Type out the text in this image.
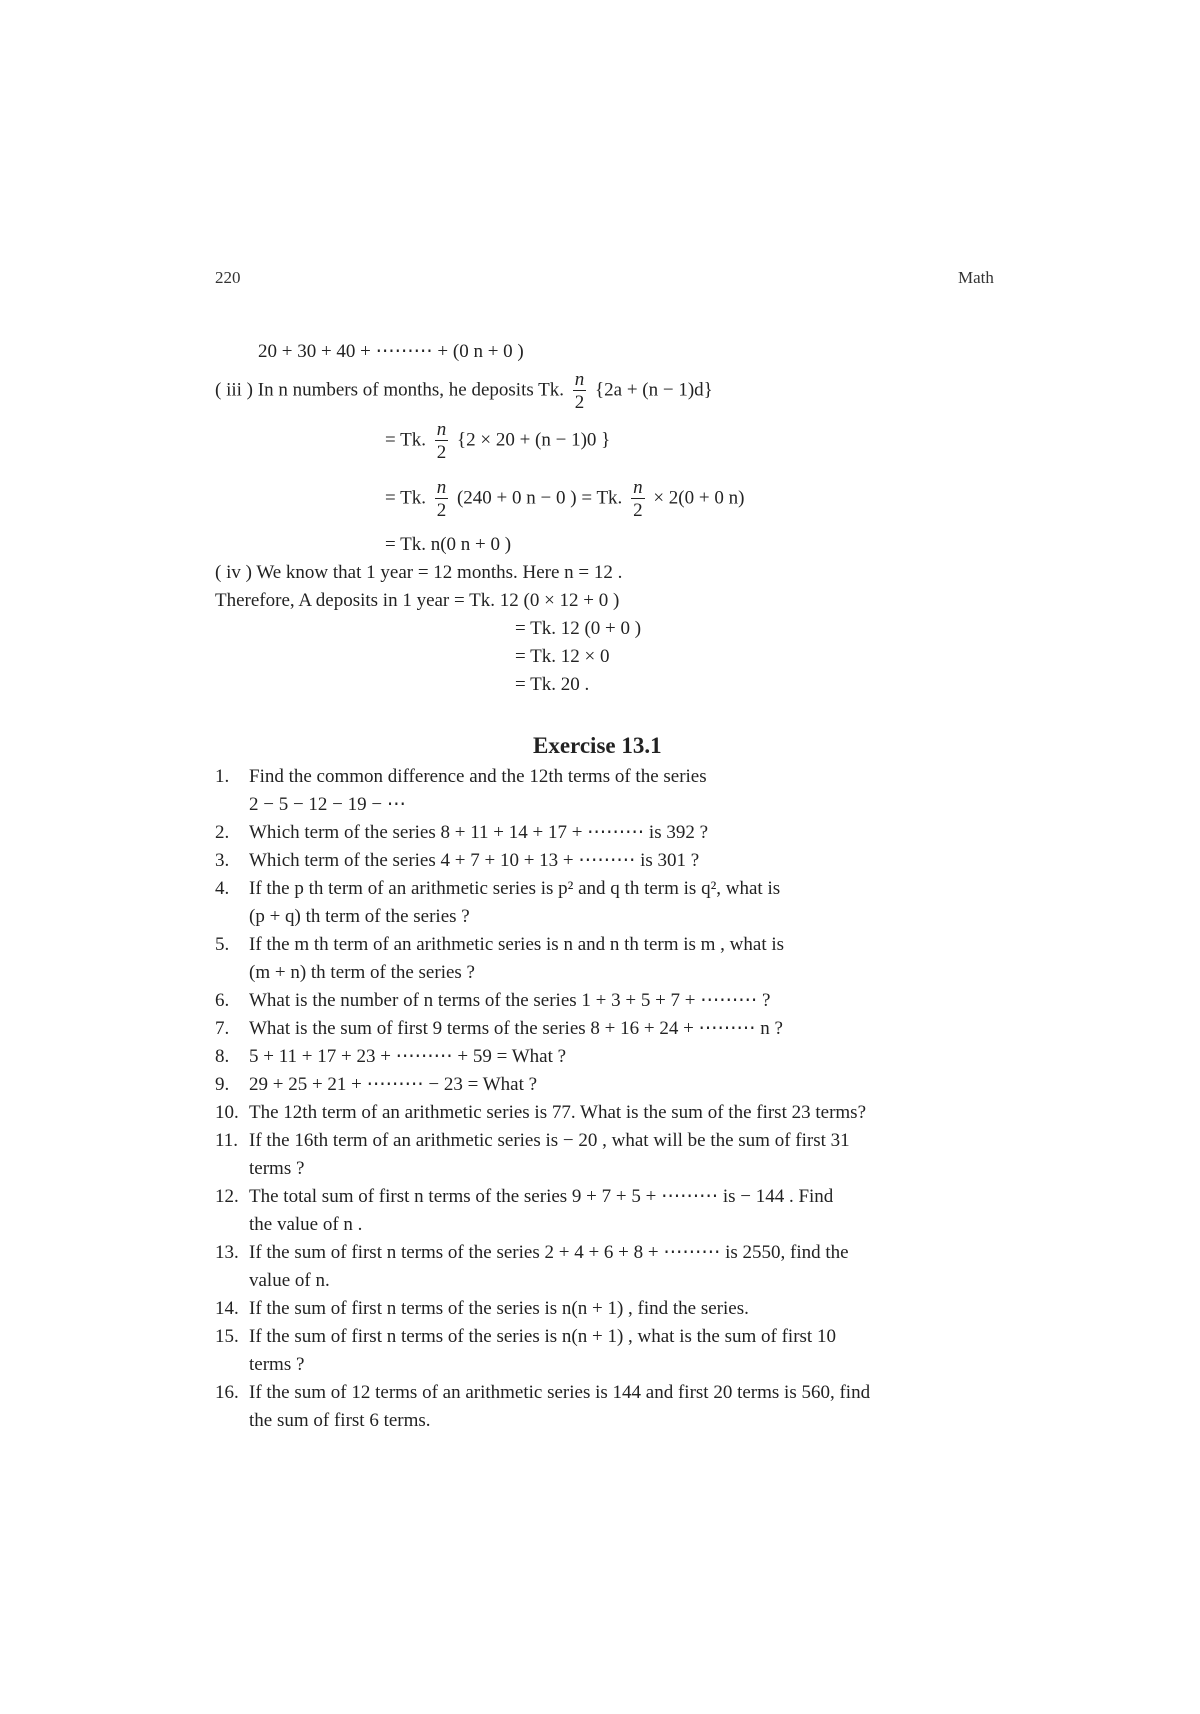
220	Math
20 + 30 + 40 + ⋯⋯⋯ + (0 n + 0 )
( iii ) In n numbers of months, he deposits Tk. $\frac{n}{2} \{2a + (n - 1)d\}$
= Tk. $\frac{n}{2} \{2 \times 20 + (n - 1)0$ }
= Tk. $\frac{n}{2} (240 + 0$ n − 0 ) = Tk. $\frac{n}{2} \times 2(0 + 0$ n)
= Tk. n(0 n + 0 )
( iv ) We know that 1 year = 12 months. Here n = 12 .
Therefore, A deposits in 1 year = Tk. 12 (0 × 12 + 0 )
= Tk. 12 (0 + 0 )
= Tk. 12 × 0
= Tk. 20 .
Exercise 13.1
1. Find the common difference and the 12th terms of the series
2 − 5 − 12 − 19 − ⋯
2. Which term of the series 8 + 11 + 14 + 17 + ⋯⋯⋯ is 392 ?
3. Which term of the series 4 + 7 + 10 + 13 + ⋯⋯⋯ is 301 ?
4. If the p th term of an arithmetic series is p² and q th term is q², what is
(p + q) th term of the series ?
5. If the m th term of an arithmetic series is n and n th term is m , what is
(m + n) th term of the series ?
6. What is the number of n terms of the series 1 + 3 + 5 + 7 + ⋯⋯⋯ ?
7. What is the sum of first 9 terms of the series 8 + 16 + 24 + ⋯⋯⋯ n ?
8. 5 + 11 + 17 + 23 + ⋯⋯⋯ + 59 = What ?
9. 29 + 25 + 21 + ⋯⋯⋯ − 23 = What ?
10. The 12th term of an arithmetic series is 77. What is the sum of the first 23 terms?
11. If the 16th term of an arithmetic series is − 20 , what will be the sum of first 31
terms ?
12. The total sum of first n terms of the series 9 + 7 + 5 + ⋯⋯⋯ is − 144 . Find
the value of n .
13. If the sum of first n terms of the series 2 + 4 + 6 + 8 + ⋯⋯⋯ is 2550, find the
value of n.
14. If the sum of first n terms of the series is n(n + 1) , find the series.
15. If the sum of first n terms of the series is n(n + 1) , what is the sum of first 10
terms ?
16. If the sum of 12 terms of an arithmetic series is 144 and first 20 terms is 560, find
the sum of first 6 terms.
